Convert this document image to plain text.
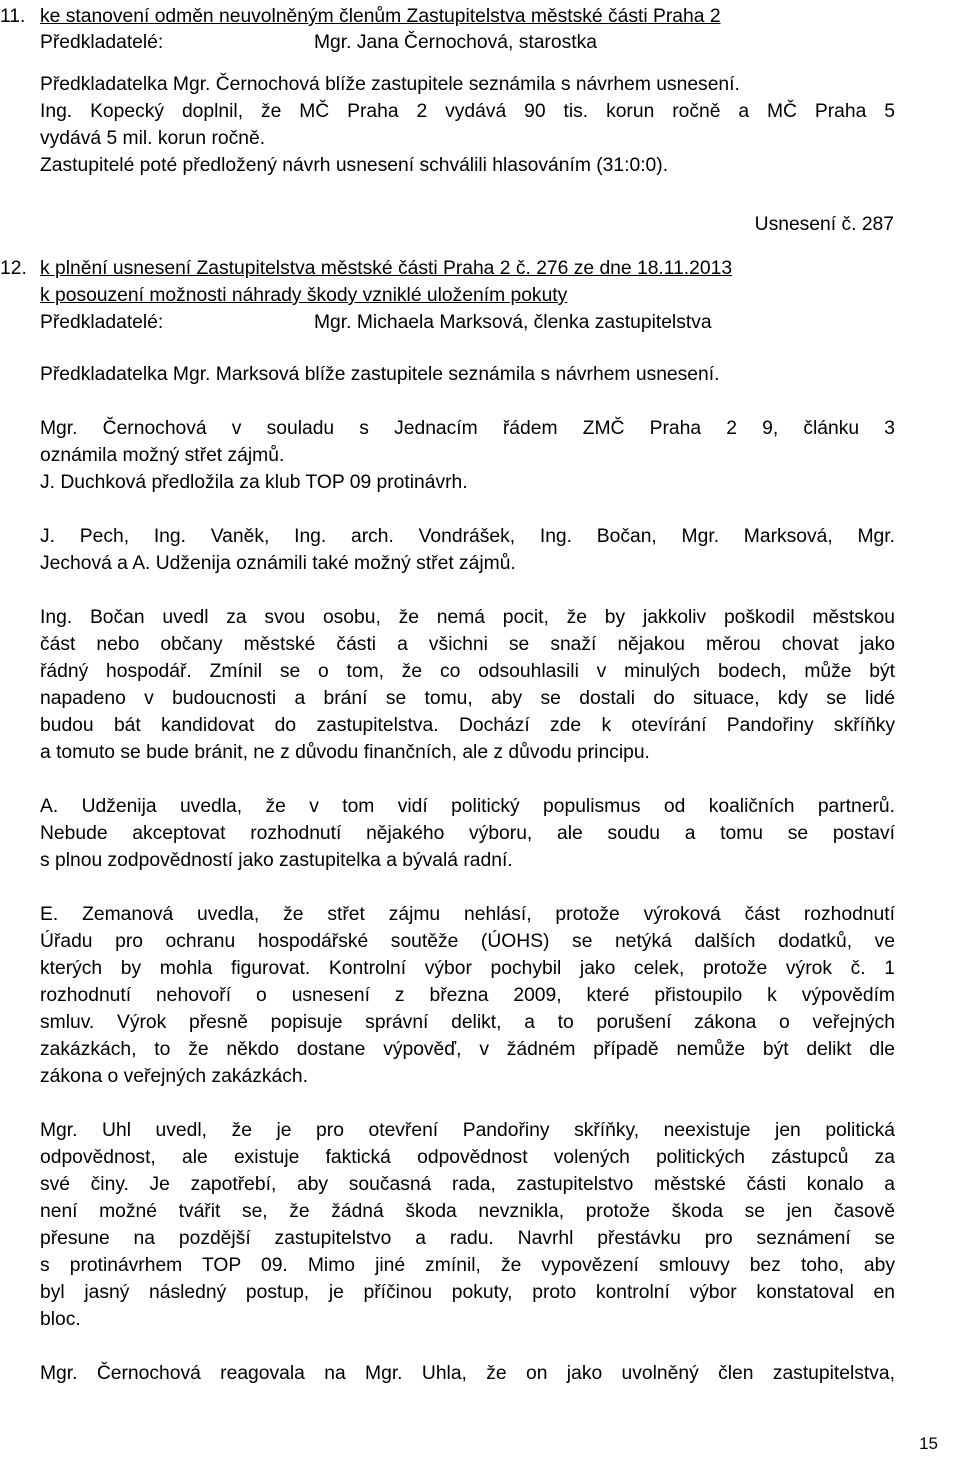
11. ke stanovení odměn neuvolněným členům Zastupitelstva městské části Praha 2
Předkladatelé:	Mgr. Jana Černochová, starostka
Předkladatelka Mgr. Černochová blíže zastupitele seznámila s návrhem usnesení.
Ing. Kopecký doplnil, že MČ Praha 2 vydává 90 tis. korun ročně a MČ Praha 5
vydává 5 mil. korun ročně.
Zastupitelé poté předložený návrh usnesení schválili hlasováním (31:0:0).
Usnesení č. 287
12. k plnění usnesení Zastupitelstva městské části Praha 2 č. 276 ze dne 18.11.2013
k posouzení možnosti náhrady škody vzniklé uložením pokuty
Předkladatelé:	Mgr. Michaela Marksová, členka zastupitelstva
Předkladatelka Mgr. Marksová blíže zastupitele seznámila s návrhem usnesení.
Mgr. Černochová v souladu s Jednacím řádem ZMČ Praha 2 9, článku 3
oznámila možný střet zájmů.
J. Duchková předložila za klub TOP 09 protinávrh.
J. Pech, Ing. Vaněk, Ing. arch. Vondrášek, Ing. Bočan, Mgr. Marksová, Mgr.
Jechová a A. Udženija oznámili také možný střet zájmů.
Ing. Bočan uvedl za svou osobu, že nemá pocit, že by jakkoliv poškodil městskou
část nebo občany městské části a všichni se snaží nějakou měrou chovat jako
řádný hospodář. Zmínil se o tom, že co odsouhlasili v minulých bodech, může být
napadeno v budoucnosti a brání se tomu, aby se dostali do situace, kdy se lidé
budou bát kandidovat do zastupitelstva. Dochází zde k otevírání Pandořiny skříňky
a tomuto se bude bránit, ne z důvodu finančních, ale z důvodu principu.
A. Udženija uvedla, že v tom vidí politický populismus od koaličních partnerů.
Nebude akceptovat rozhodnutí nějakého výboru, ale soudu a tomu se postaví
s plnou zodpovědností jako zastupitelka a bývalá radní.
E. Zemanová uvedla, že střet zájmu nehlásí, protože výroková část rozhodnutí
Úřadu pro ochranu hospodářské soutěže (ÚOHS) se netýká dalších dodatků, ve
kterých by mohla figurovat. Kontrolní výbor pochybil jako celek, protože výrok č. 1
rozhodnutí nehovoří o usnesení z března 2009, které přistoupilo k výpovědím
smluv. Výrok přesně popisuje správní delikt, a to porušení zákona o veřejných
zakázkách, to že někdo dostane výpověď, v žádném případě nemůže být delikt dle
zákona o veřejných zakázkách.
Mgr. Uhl uvedl, že je pro otevření Pandořiny skříňky, neexistuje jen politická
odpovědnost, ale existuje faktická odpovědnost volených politických zástupců za
své činy. Je zapotřebí, aby současná rada, zastupitelstvo městské části konalo a
není možné tvářit se, že žádná škoda nevznikla, protože škoda se jen časově
přesune na pozdější zastupitelstvo a radu. Navrhl přestávku pro seznámení se
s protinávrhem TOP 09. Mimo jiné zmínil, že vypovězení smlouvy bez toho, aby
byl jasný následný postup, je příčinou pokuty, proto kontrolní výbor konstatoval en
bloc.
Mgr. Černochová reagovala na Mgr. Uhla, že on jako uvolněný člen zastupitelstva,
15
